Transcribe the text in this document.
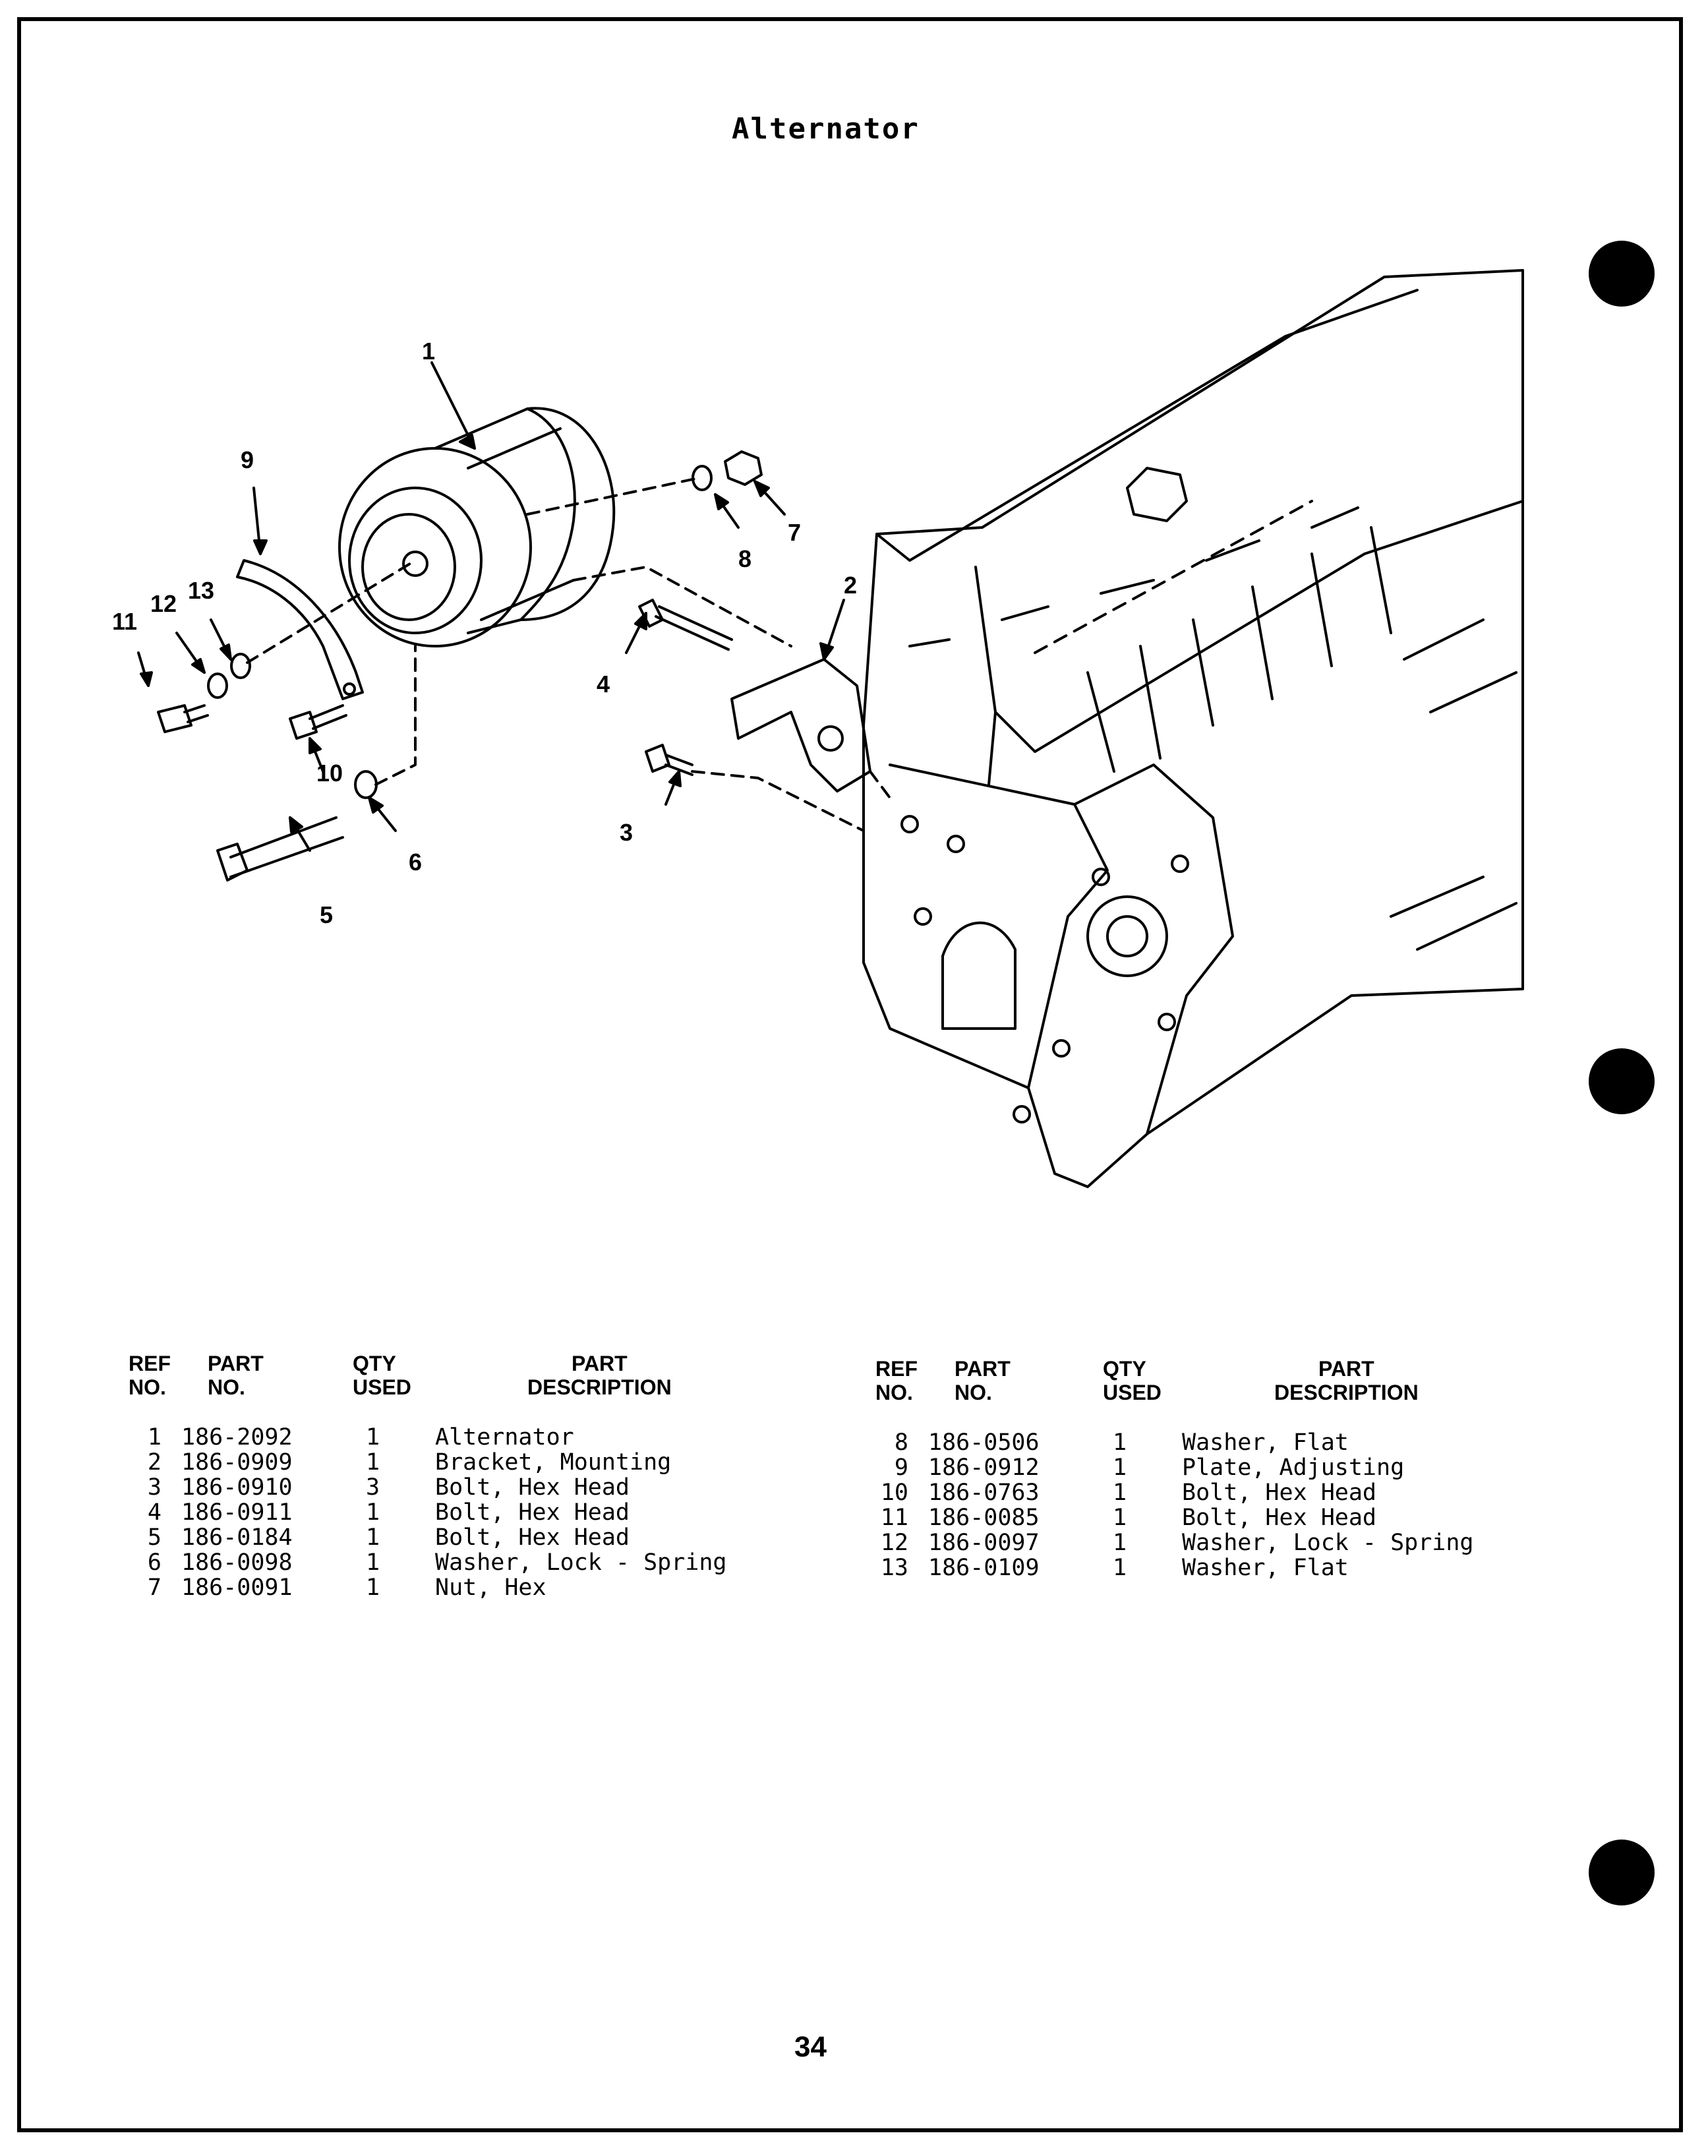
Alternator
1
2
3
4
5
6
7
8
9
10
11
12 13
REF
NO.
PART
NO.
QTY
USED
PART
DESCRIPTION
1 186-2092	1	Alternator
2 186-0909	1	Bracket, Mounting
3 186-0910	3	Bolt, Hex Head
4 186-0911	1	Bolt, Hex Head
5 186-0184	1	Bolt, Hex Head
6 186-0098	1	Washer, Lock - Spring
7 186-0091	1	Nut, Hex
REF
NO.
PART
NO.
QTY
USED
PART
DESCRIPTION
8 186-0506	1	Washer, Flat
9 186-0912	1	Plate, Adjusting
10 186-0763	1	Bolt, Hex Head
11 186-0085	1	Bolt, Hex Head
12 186-0097	1	Washer, Lock - Spring
13 186-0109	1	Washer, Flat
34
